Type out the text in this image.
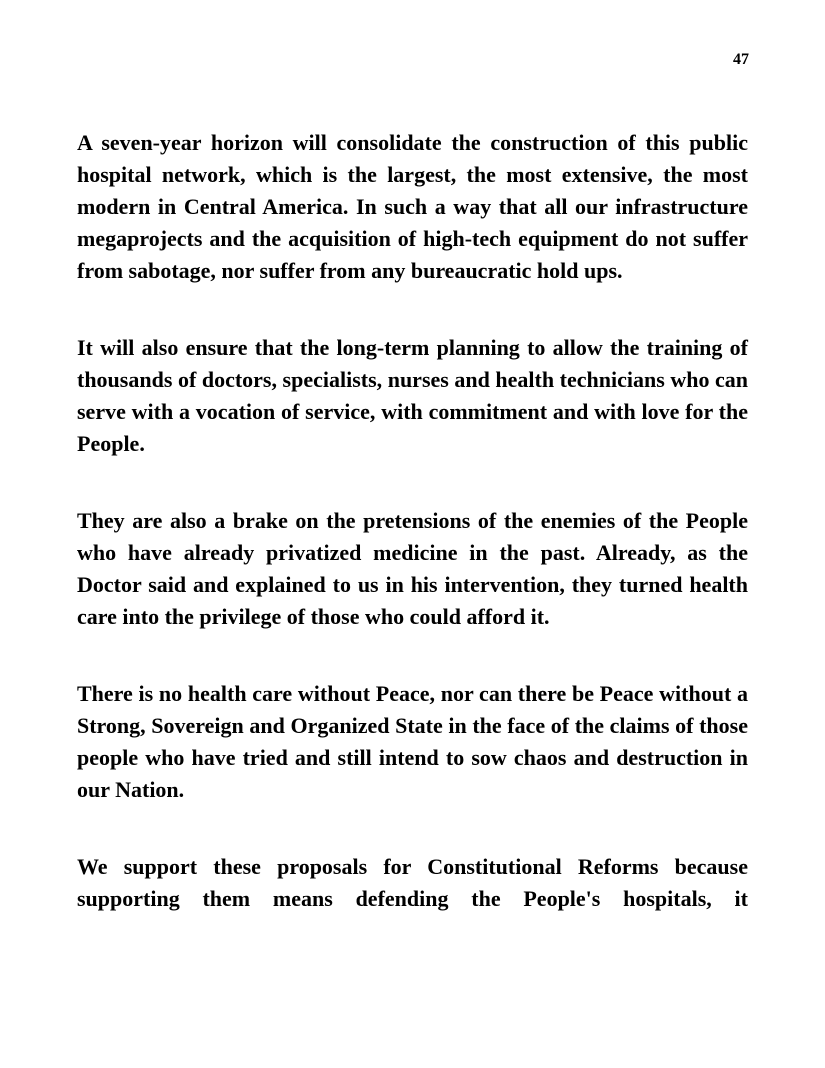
47

A seven-year horizon will consolidate the construction of this public hospital network, which is the largest, the most extensive, the most modern in Central America. In such a way that all our infrastructure megaprojects and the acquisition of high-tech equipment do not suffer from sabotage, nor suffer from any bureaucratic hold ups.

It will also ensure that the long-term planning to allow the training of thousands of doctors, specialists, nurses and health technicians who can serve with a vocation of service, with commitment and with love for the People.

They are also a brake on the pretensions of the enemies of the People who have already privatized medicine in the past. Already, as the Doctor said and explained to us in his intervention, they turned health care into the privilege of those who could afford it.

There is no health care without Peace, nor can there be Peace without a Strong, Sovereign and Organized State in the face of the claims of those people who have tried and still intend to sow chaos and destruction in our Nation.

We support these proposals for Constitutional Reforms because supporting them means defending the People's hospitals, it
